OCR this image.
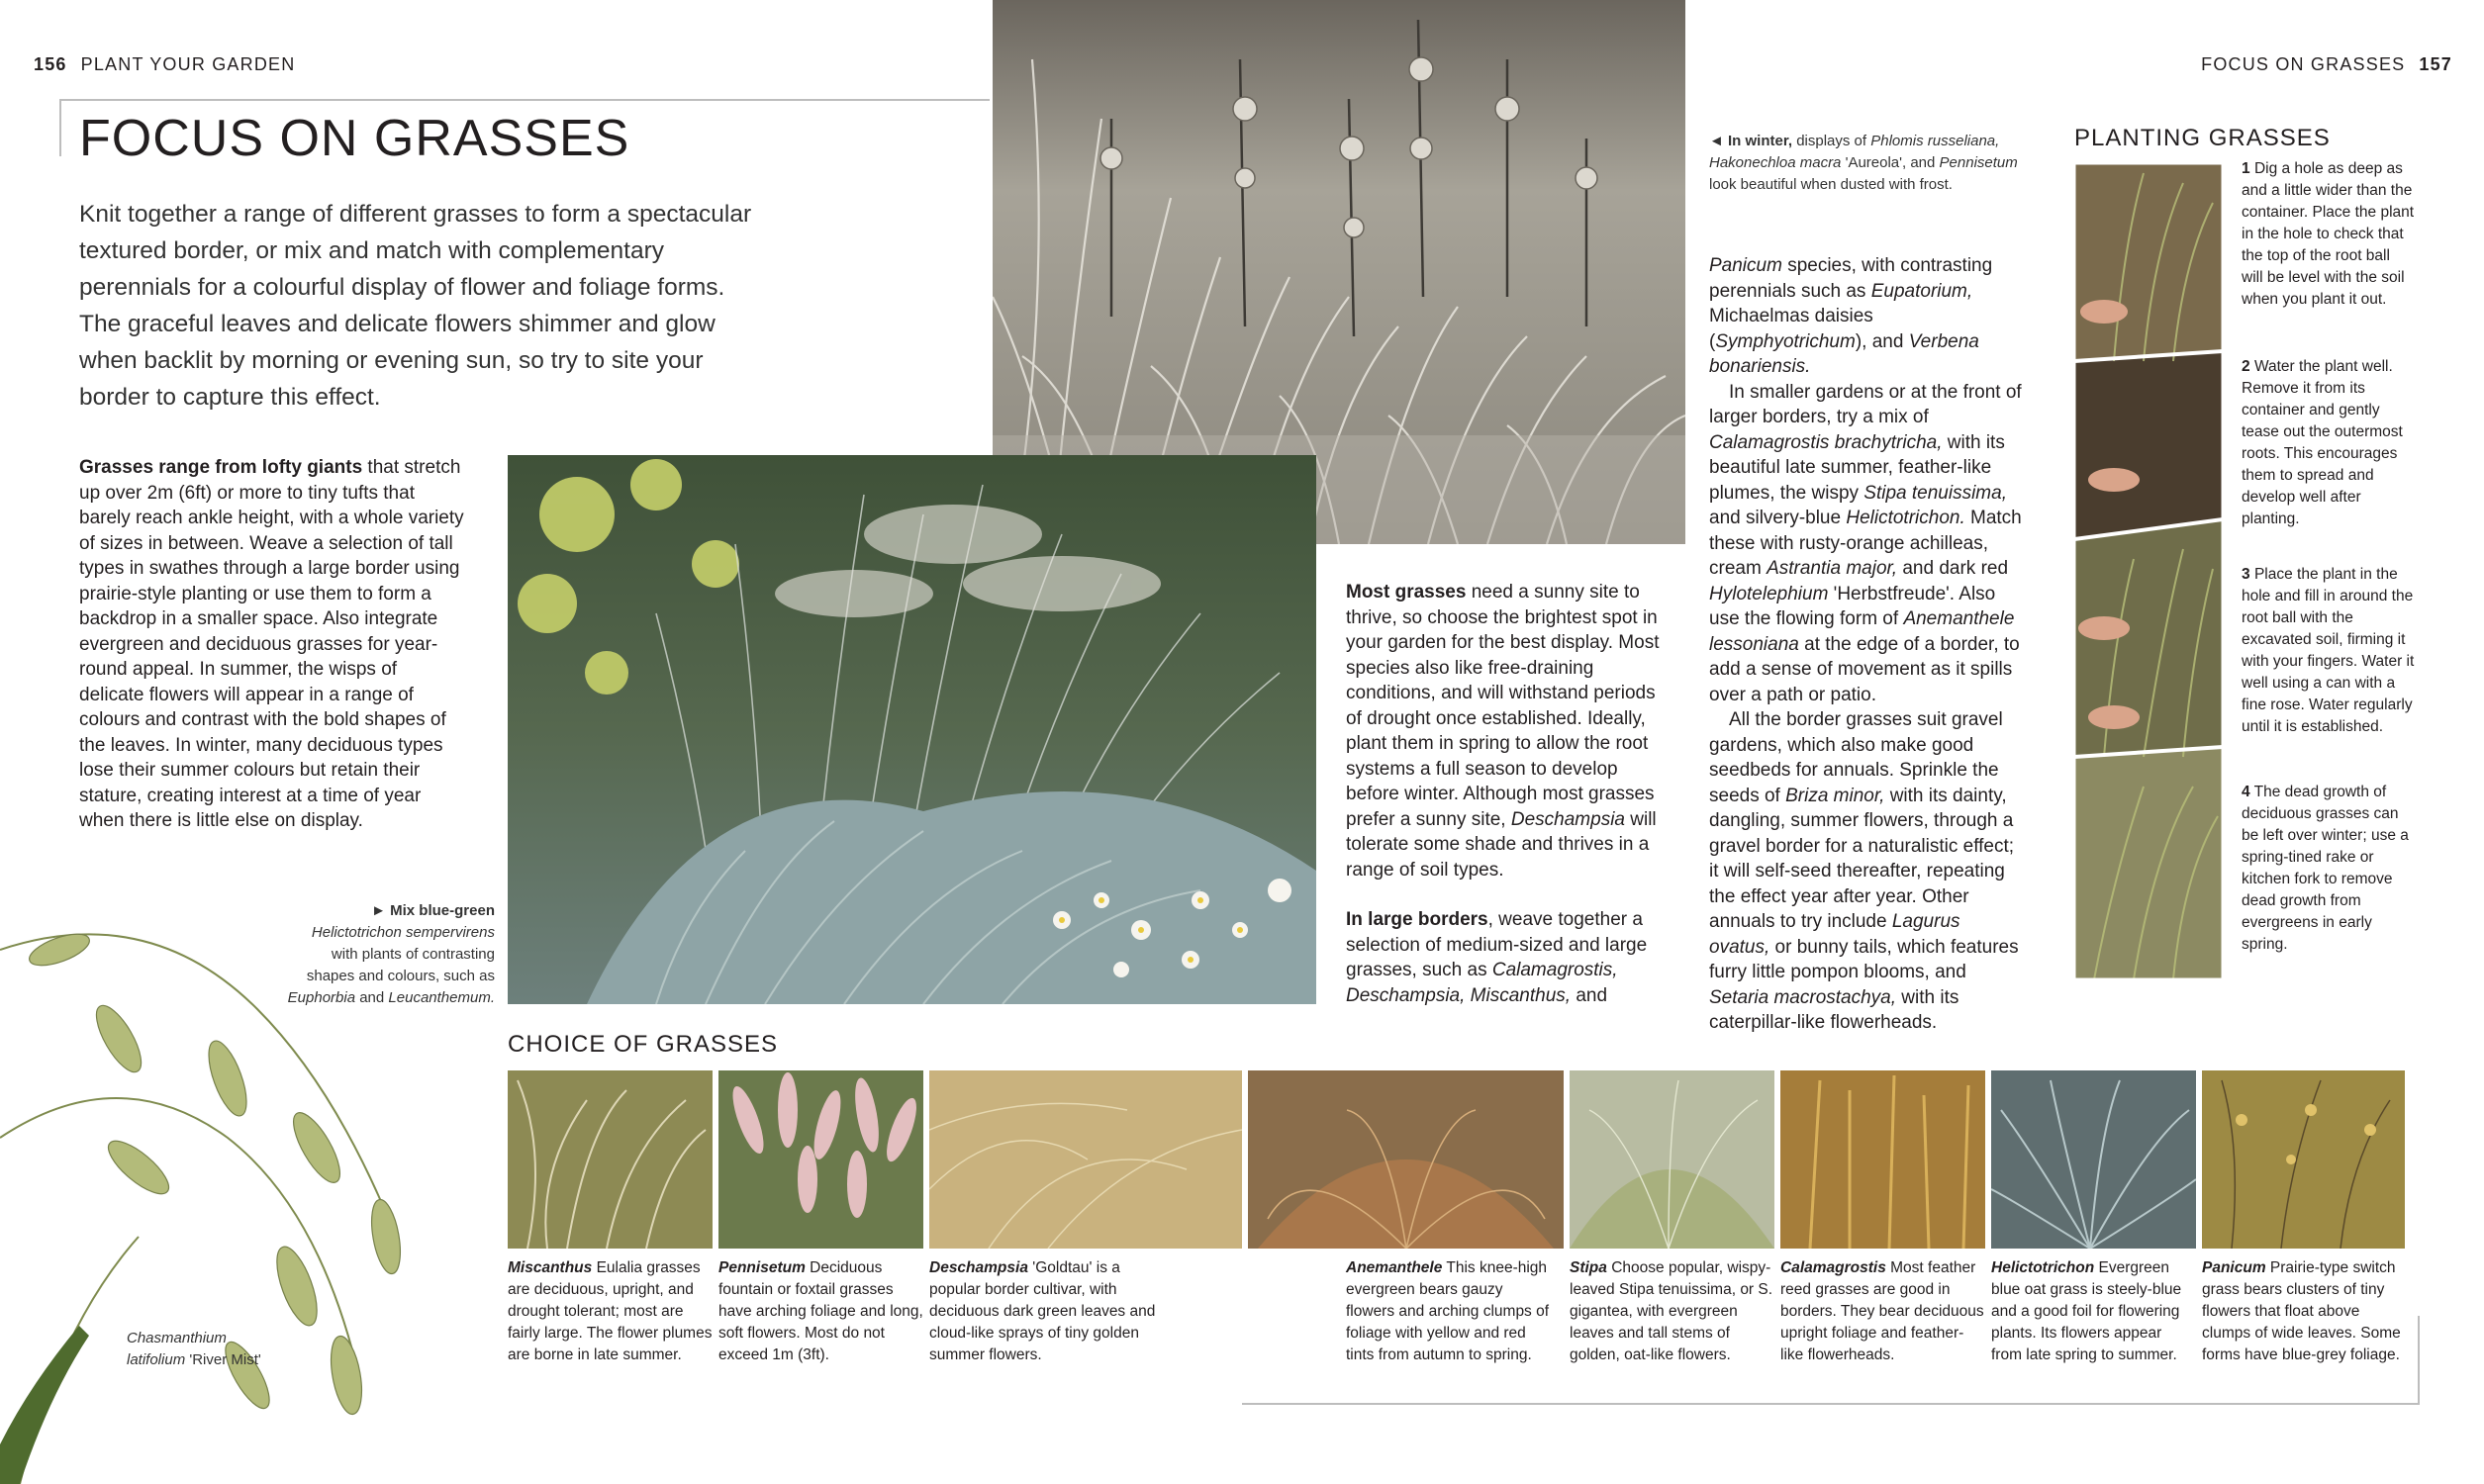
156 PLANT YOUR GARDEN	FOCUS ON GRASSES 157
FOCUS ON GRASSES
Knit together a range of different grasses to form a spectacular textured border, or mix and match with complementary perennials for a colourful display of flower and foliage forms. The graceful leaves and delicate flowers shimmer and glow when backlit by morning or evening sun, so try to site your border to capture this effect.
Grasses range from lofty giants that stretch up over 2m (6ft) or more to tiny tufts that barely reach ankle height, with a whole variety of sizes in between. Weave a selection of tall types in swathes through a large border using prairie-style planting or use them to form a backdrop in a smaller space. Also integrate evergreen and deciduous grasses for year-round appeal. In summer, the wisps of delicate flowers will appear in a range of colours and contrast with the bold shapes of the leaves. In winter, many deciduous types lose their summer colours but retain their stature, creating interest at a time of year when there is little else on display.
► Mix blue-green
Helictotrichon sempervirens
with plants of contrasting
shapes and colours, such as
Euphorbia and Leucanthemum.
Chasmanthium
latifolium 'River Mist'
◄ In winter, displays of Phlomis russeliana, Hakonechloa macra 'Aureola', and Pennisetum look beautiful when dusted with frost.
Most grasses need a sunny site to thrive, so choose the brightest spot in your garden for the best display. Most species also like free-draining conditions, and will withstand periods of drought once established. Ideally, plant them in spring to allow the root systems a full season to develop before winter. Although most grasses prefer a sunny site, Deschampsia will tolerate some shade and thrives in a range of soil types.
In large borders, weave together a selection of medium-sized and large grasses, such as Calamagrostis, Deschampsia, Miscanthus, and
Panicum species, with contrasting perennials such as Eupatorium, Michaelmas daisies (Symphyotrichum), and Verbena bonariensis.
In smaller gardens or at the front of larger borders, try a mix of Calamagrostis brachytricha, with its beautiful late summer, feather-like plumes, the wispy Stipa tenuissima, and silvery-blue Helictotrichon. Match these with rusty-orange achilleas, cream Astrantia major, and dark red Hylotelephium 'Herbstfreude'. Also use the flowing form of Anemanthele lessoniana at the edge of a border, to add a sense of movement as it spills over a path or patio.
All the border grasses suit gravel gardens, which also make good seedbeds for annuals. Sprinkle the seeds of Briza minor, with its dainty, dangling, summer flowers, through a gravel border for a naturalistic effect; it will self-seed thereafter, repeating the effect year after year. Other annuals to try include Lagurus ovatus, or bunny tails, which features furry little pompon blooms, and Setaria macrostachya, with its caterpillar-like flowerheads.
PLANTING GRASSES
1 Dig a hole as deep as and a little wider than the container. Place the plant in the hole to check that the top of the root ball will be level with the soil when you plant it out.
2 Water the plant well. Remove it from its container and gently tease out the outermost roots. This encourages them to spread and develop well after planting.
3 Place the plant in the hole and fill in around the root ball with the excavated soil, firming it with your fingers. Water it well using a can with a fine rose. Water regularly until it is established.
4 The dead growth of deciduous grasses can be left over winter; use a spring-tined rake or kitchen fork to remove dead growth from evergreens in early spring.
CHOICE OF GRASSES
Miscanthus Eulalia grasses are deciduous, upright, and drought tolerant; most are fairly large. The flower plumes are borne in late summer.
Pennisetum Deciduous fountain or foxtail grasses have arching foliage and long, soft flowers. Most do not exceed 1m (3ft).
Deschampsia 'Goldtau' is a popular border cultivar, with deciduous dark green leaves and cloud-like sprays of tiny golden summer flowers.
Anemanthele This knee-high evergreen bears gauzy flowers and arching clumps of foliage with yellow and red tints from autumn to spring.
Stipa Choose popular, wispy-leaved Stipa tenuissima, or S. gigantea, with evergreen leaves and tall stems of golden, oat-like flowers.
Calamagrostis Most feather reed grasses are good in borders. They bear deciduous upright foliage and feather-like flowerheads.
Helictotrichon Evergreen blue oat grass is steely-blue and a good foil for flowering plants. Its flowers appear from late spring to summer.
Panicum Prairie-type switch grass bears clusters of tiny flowers that float above clumps of wide leaves. Some forms have blue-grey foliage.
